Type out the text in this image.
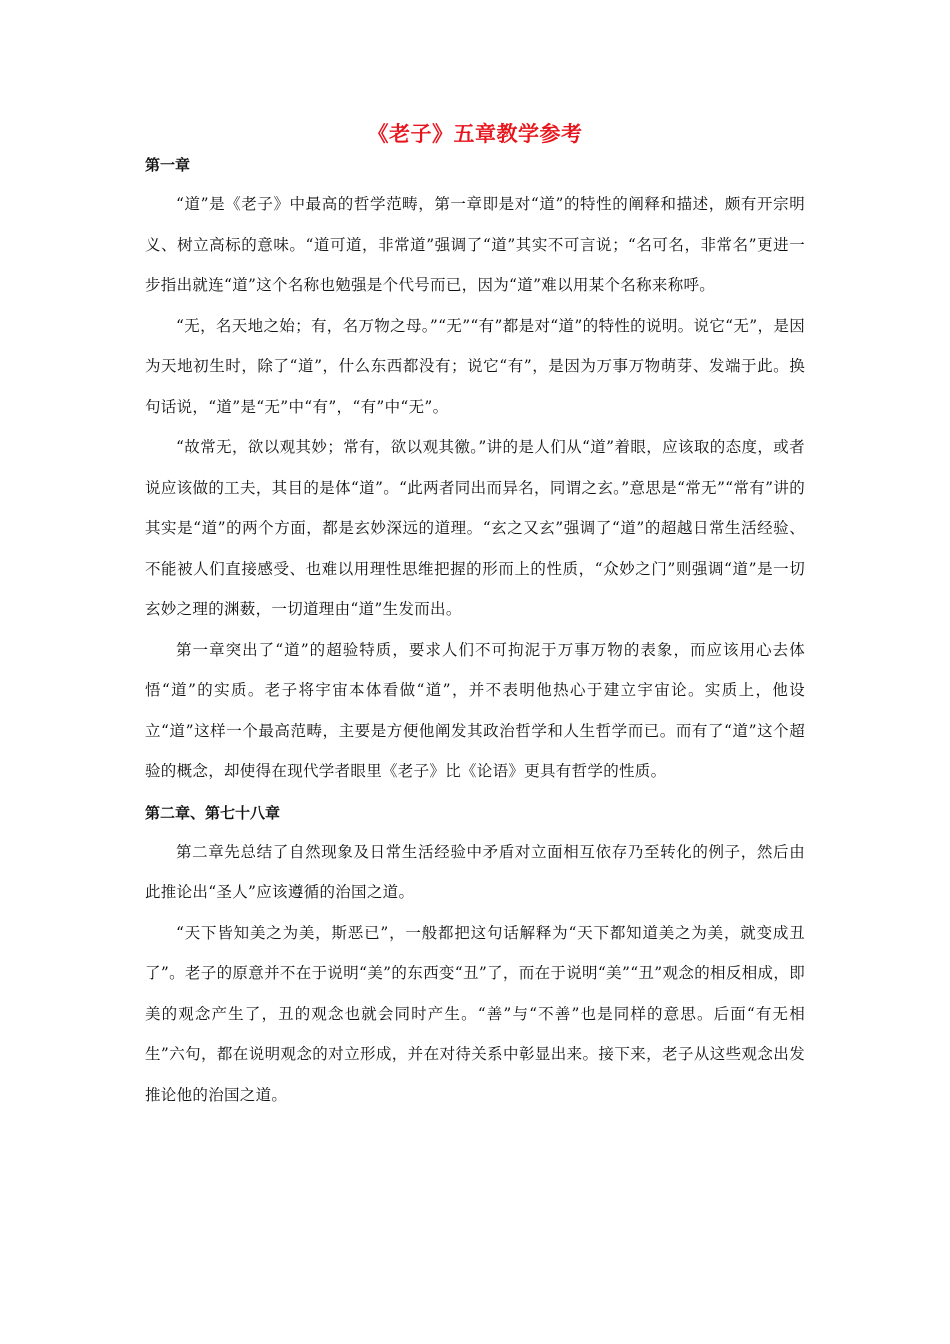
《老子》五章教学参考
第一章

“道”是《老子》中最高的哲学范畴，第一章即是对“道”的特性的阐释和描述，颇有开宗明义、树立高标的意味。“道可道，非常道”强调了“道”其实不可言说；“名可名，非常名”更进一步指出就连“道”这个名称也勉强是个代号而已，因为“道”难以用某个名称来称呼。

“无，名天地之始；有，名万物之母。”“无”“有”都是对“道”的特性的说明。说它“无”，是因为天地初生时，除了“道”，什么东西都没有；说它“有”，是因为万事万物萌芽、发端于此。换句话说，“道”是“无”中“有”，“有”中“无”。

“故常无，欲以观其妙；常有，欲以观其徼。”讲的是人们从“道”着眼，应该取的态度，或者说应该做的工夫，其目的是体“道”。“此两者同出而异名，同谓之玄。”意思是“常无”“常有”讲的其实是“道”的两个方面，都是玄妙深远的道理。“玄之又玄”强调了“道”的超越日常生活经验、不能被人们直接感受、也难以用理性思维把握的形而上的性质，“众妙之门”则强调“道”是一切玄妙之理的渊薮，一切道理由“道”生发而出。

第一章突出了“道”的超验特质，要求人们不可拘泥于万事万物的表象，而应该用心去体悟“道”的实质。老子将宇宙本体看做“道”，并不表明他热心于建立宇宙论。实质上，他设立“道”这样一个最高范畴，主要是方便他阐发其政治哲学和人生哲学而已。而有了“道”这个超验的概念，却使得在现代学者眼里《老子》比《论语》更具有哲学的性质。

第二章、第七十八章

第二章先总结了自然现象及日常生活经验中矛盾对立面相互依存乃至转化的例子，然后由此推论出“圣人”应该遵循的治国之道。

“天下皆知美之为美，斯恶已”，一般都把这句话解释为“天下都知道美之为美，就变成丑了”。老子的原意并不在于说明“美”的东西变“丑”了，而在于说明“美”“丑”观念的相反相成，即美的观念产生了，丑的观念也就会同时产生。“善”与“不善”也是同样的意思。后面“有无相生”六句，都在说明观念的对立形成，并在对待关系中彰显出来。接下来，老子从这些观念出发推论他的治国之道。
